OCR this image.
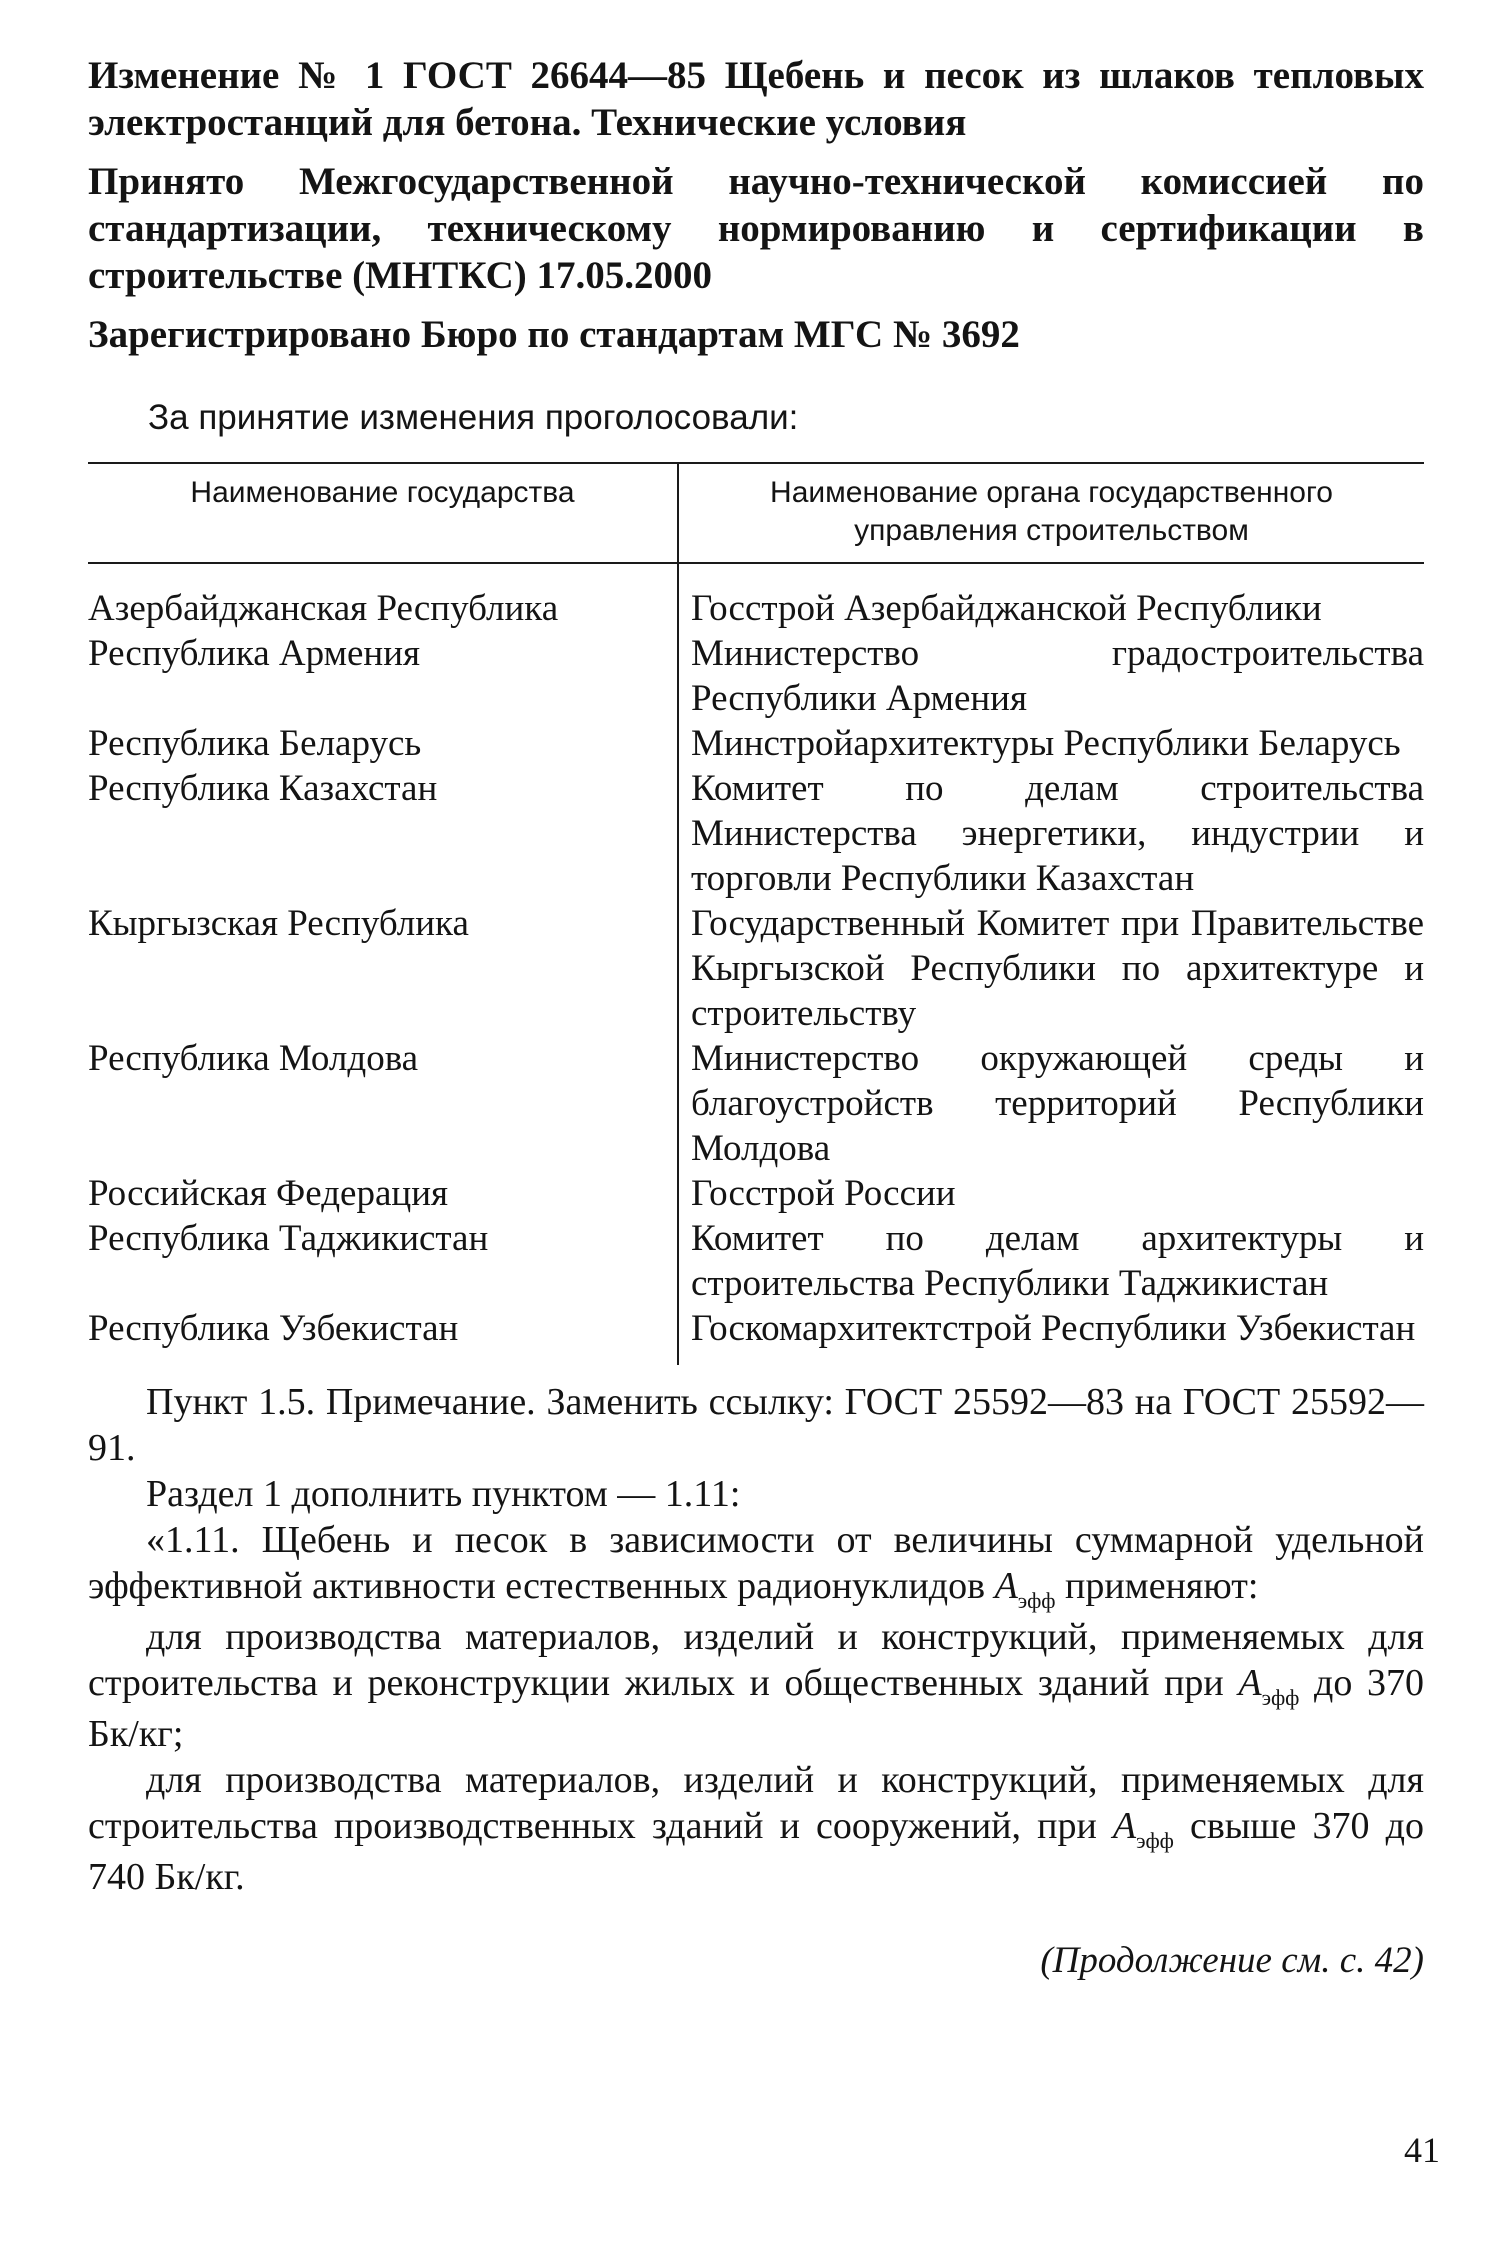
Изменение № 1 ГОСТ 26644—85 Щебень и песок из шлаков тепловых электростанций для бетона. Технические условия

Принято Межгосударственной научно-технической комиссией по стандартизации, техническому нормированию и сертификации в строительстве (МНТКС) 17.05.2000

Зарегистрировано Бюро по стандартам МГС № 3692

За принятие изменения проголосовали:

Наименование государства	Наименование органа государственного управления строительством
Азербайджанская Республика	Госстрой Азербайджанской Республики
Республика Армения	Министерство градостроительства Республики Армения
Республика Беларусь	Минстройархитектуры Республики Беларусь
Республика Казахстан	Комитет по делам строительства Министерства энергетики, индустрии и торговли Республики Казахстан
Кыргызская Республика	Государственный Комитет при Правительстве Кыргызской Республики по архитектуре и строительству
Республика Молдова	Министерство окружающей среды и благоустройств территорий Республики Молдова
Российская Федерация	Госстрой России
Республика Таджикистан	Комитет по делам архитектуры и строительства Республики Таджикистан
Республика Узбекистан	Госкомархитектстрой Республики Узбекистан

Пункт 1.5. Примечание. Заменить ссылку: ГОСТ 25592—83 на ГОСТ 25592—91.

Раздел 1 дополнить пунктом — 1.11:

«1.11. Щебень и песок в зависимости от величины суммарной удельной эффективной активности естественных радионуклидов $A_{эфф}$ применяют:

для производства материалов, изделий и конструкций, применяемых для строительства и реконструкции жилых и общественных зданий при $A_{эфф}$ до 370 Бк/кг;

для производства материалов, изделий и конструкций, применяемых для строительства производственных зданий и сооружений, при $A_{эфф}$ свыше 370 до 740 Бк/кг.

(Продолжение см. с. 42)
41
